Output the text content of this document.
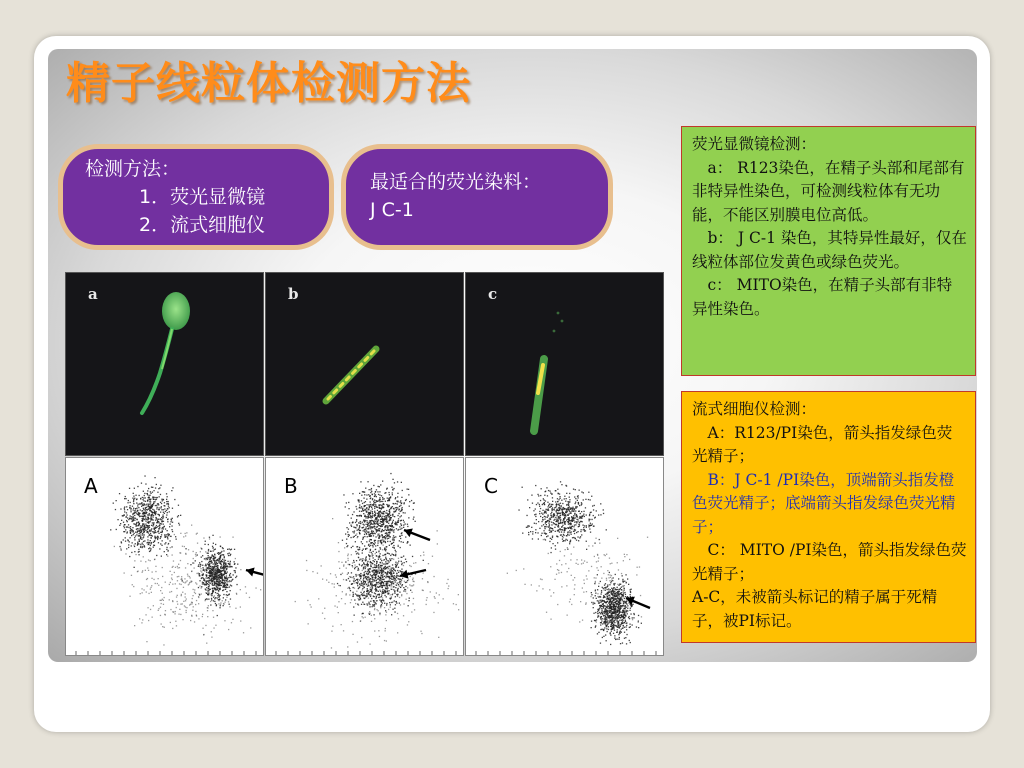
精子线粒体检测方法
检测方法：
1．荧光显微镜
2．流式细胞仪
最适合的荧光染料：
J C-1
a	b	c
A	B	C

荧光显微镜检测：

a： R123染色，在精子头部和尾部有非特异性染色，可检测线粒体有无功能，不能区别膜电位高低。

b： J C-1 染色，其特异性最好，仅在线粒体部位发黄色或绿色荧光。

c： MITO染色，在精子头部有非特异性染色。

流式细胞仪检测：

A：R123/PI染色，箭头指发绿色荧光精子；

B：J C-1 /PI染色，顶端箭头指发橙色荧光精子；底端箭头指发绿色荧光精子；

C： MITO /PI染色，箭头指发绿色荧光精子；

A-C，未被箭头标记的精子属于死精子，被PI标记。
